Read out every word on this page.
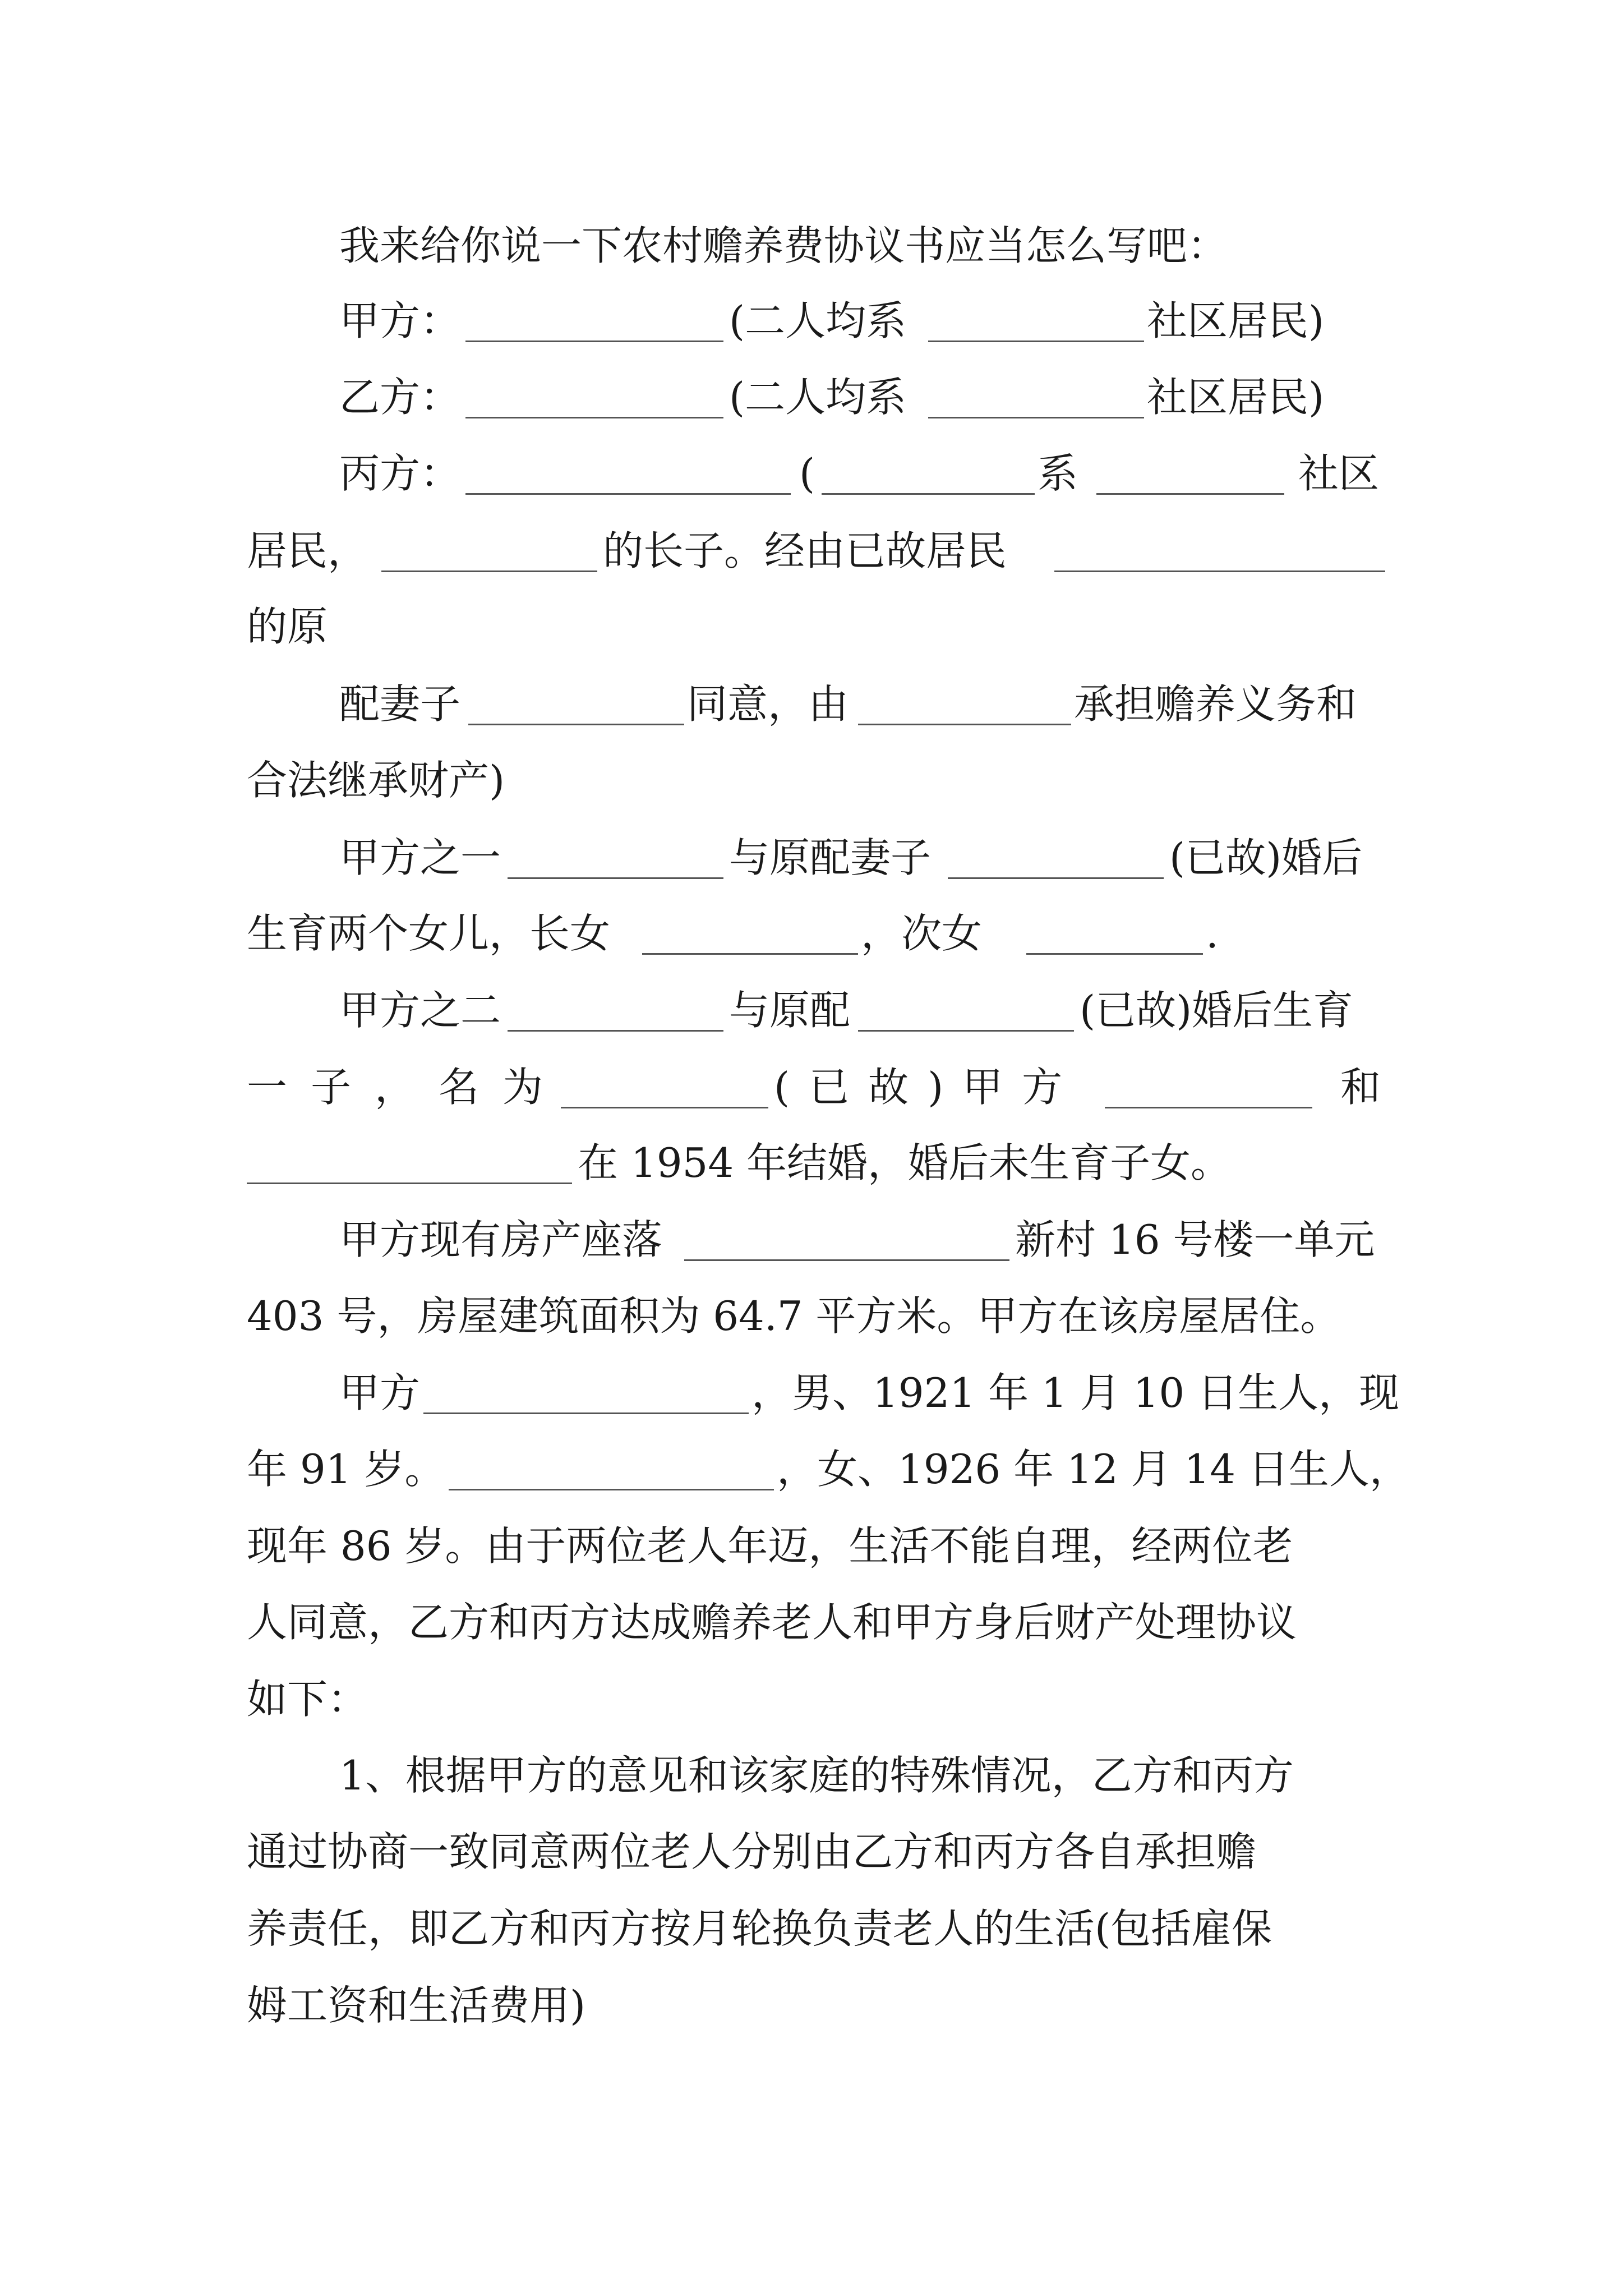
我来给你说一下农村赡养费协议书应当怎么写吧：
甲方：	(二人均系	社区居民)
乙方：	(二人均系	社区居民)
丙方：	(	系	社区
居民，	的长子。经由已故居民
的原
配妻子	同意，由	承担赡养义务和
合法继承财产)
甲方之一	与原配妻子	(已故)婚后
生育两个女儿，长女	，次女	.
甲方之二	与原配	(已故)婚后生育
一子，名为	(已故)甲方	和
在 1954 年结婚，婚后未生育子女。
甲方现有房产座落	新村 16 号楼一单元
403 号，房屋建筑面积为 64.7 平方米。甲方在该房屋居住。
甲方	，男、1921 年 1 月 10 日生人，现
年 91 岁。	，女、1926 年 12 月 14 日生人，
现年 86 岁。由于两位老人年迈，生活不能自理，经两位老
人同意，乙方和丙方达成赡养老人和甲方身后财产处理协议
如下：
1、根据甲方的意见和该家庭的特殊情况，乙方和丙方
通过协商一致同意两位老人分别由乙方和丙方各自承担赡
养责任，即乙方和丙方按月轮换负责老人的生活(包括雇保
姆工资和生活费用)
